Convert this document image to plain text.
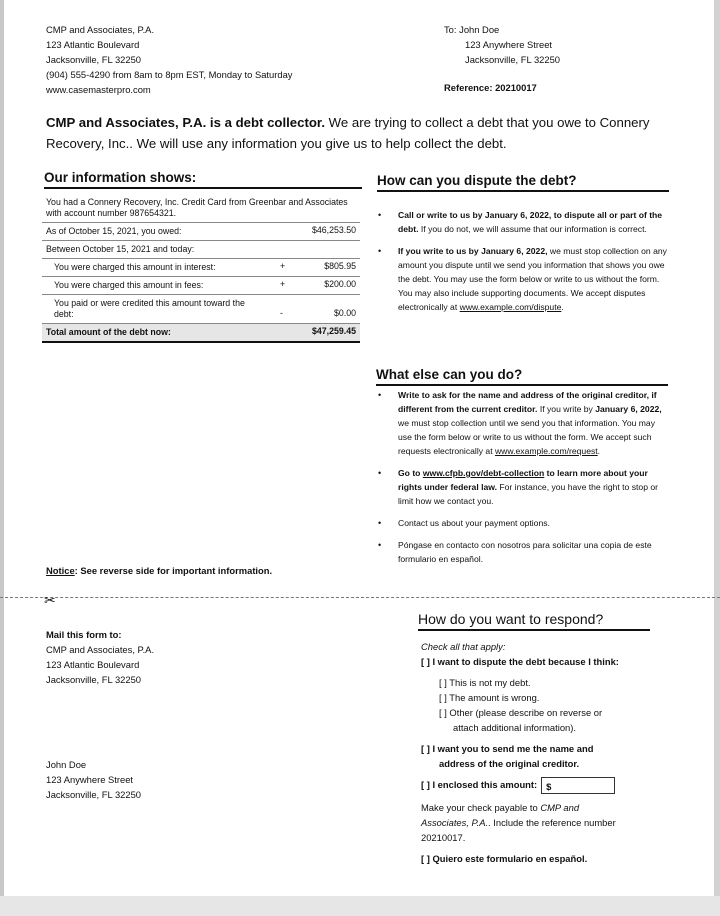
CMP and Associates, P.A.
123 Atlantic Boulevard
Jacksonville, FL 32250
(904) 555-4290 from 8am to 8pm EST, Monday to Saturday
www.casemasterpro.com
To: John Doe
123 Anywhere Street
Jacksonville, FL 32250
Reference: 20210017
CMP and Associates, P.A. is a debt collector. We are trying to collect a debt that you owe to Connery Recovery, Inc.. We will use any information you give us to help collect the debt.
Our information shows:
You had a Connery Recovery, Inc. Credit Card from Greenbar and Associates with account number 987654321.
As of October 15, 2021, you owed:	$46,253.50
Between October 15, 2021 and today:
You were charged this amount in interest:	+	$805.95
You were charged this amount in fees:	+	$200.00
You paid or were credited this amount toward the debt:	-	$0.00
Total amount of the debt now:	$47,259.45
How can you dispute the debt?
• Call or write to us by January 6, 2022, to dispute all or part of the debt. If you do not, we will assume that our information is correct.
• If you write to us by January 6, 2022, we must stop collection on any amount you dispute until we send you information that shows you owe the debt. You may use the form below or write to us without the form. You may also include supporting documents. We accept disputes electronically at www.example.com/dispute.
What else can you do?
• Write to ask for the name and address of the original creditor, if different from the current creditor. If you write by January 6, 2022, we must stop collection until we send you that information. You may use the form below or write to us without the form. We accept such requests electronically at www.example.com/request.
• Go to www.cfpb.gov/debt-collection to learn more about your rights under federal law. For instance, you have the right to stop or limit how we contact you.
• Contact us about your payment options.
• Póngase en contacto con nosotros para solicitar una copia de este formulario en español.
Notice: See reverse side for important information.
✂
Mail this form to:
CMP and Associates, P.A.
123 Atlantic Boulevard
Jacksonville, FL 32250
John Doe
123 Anywhere Street
Jacksonville, FL 32250
How do you want to respond?
Check all that apply:
[ ] I want to dispute the debt because I think:
[ ] This is not my debt.
[ ] The amount is wrong.
[ ] Other (please describe on reverse or
attach additional information).
[ ] I want you to send me the name and
address of the original creditor.
[ ] I enclosed this amount: $
Make your check payable to CMP and Associates, P.A.. Include the reference number 20210017.
[ ] Quiero este formulario en español.
